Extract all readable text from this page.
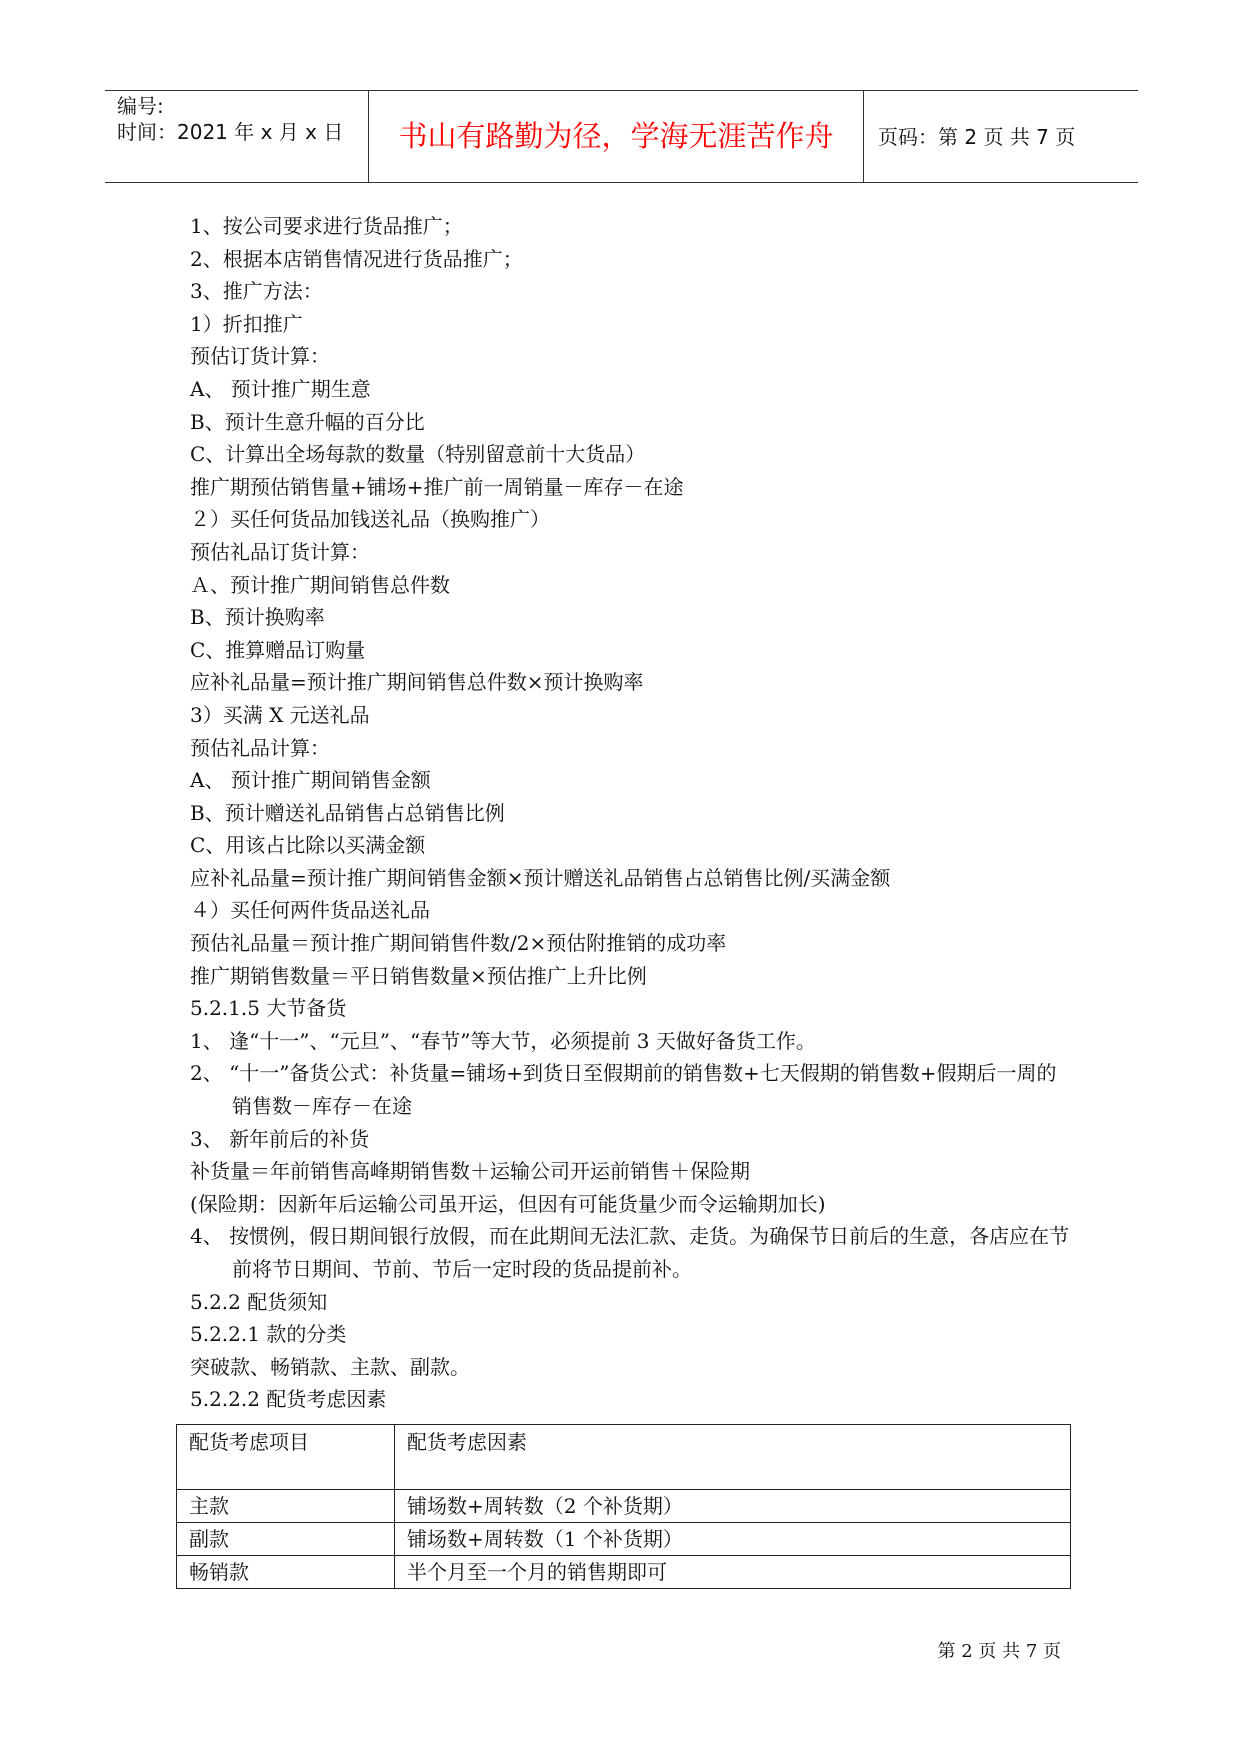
编号:
时间：2021 年 x 月 x 日	书山有路勤为径，学海无涯苦作舟	页码：第 2 页 共 7 页
1、按公司要求进行货品推广；
2、根据本店销售情况进行货品推广；
3、推广方法：
1）折扣推广
预估订货计算：
A、 预计推广期生意
B、预计生意升幅的百分比
C、计算出全场每款的数量（特别留意前十大货品）
推广期预估销售量+铺场+推广前一周销量－库存－在途
２）买任何货品加钱送礼品（换购推广）
预估礼品订货计算：
Ａ、预计推广期间销售总件数
B、预计换购率
C、推算赠品订购量
应补礼品量=预计推广期间销售总件数×预计换购率
3）买满 X 元送礼品
预估礼品计算：
A、 预计推广期间销售金额
B、预计赠送礼品销售占总销售比例
C、用该占比除以买满金额
应补礼品量=预计推广期间销售金额×预计赠送礼品销售占总销售比例/买满金额
４）买任何两件货品送礼品
预估礼品量＝预计推广期间销售件数/2×预估附推销的成功率
推广期销售数量＝平日销售数量×预估推广上升比例
5.2.1.5 大节备货
1、 逢“十一”、“元旦”、“春节”等大节，必须提前 3 天做好备货工作。
2、 “十一”备货公式：补货量=铺场+到货日至假期前的销售数+七天假期的销售数+假期后一周的销售数－库存－在途
3、 新年前后的补货
补货量＝年前销售高峰期销售数＋运输公司开运前销售＋保险期
(保险期：因新年后运输公司虽开运，但因有可能货量少而令运输期加长)
4、 按惯例，假日期间银行放假，而在此期间无法汇款、走货。为确保节日前后的生意，各店应在节前将节日期间、节前、节后一定时段的货品提前补。
5.2.2 配货须知
5.2.2.1 款的分类
突破款、畅销款、主款、副款。
5.2.2.2 配货考虑因素
配货考虑项目	配货考虑因素
主款	铺场数+周转数（2 个补货期）
副款	铺场数+周转数（1 个补货期）
畅销款	半个月至一个月的销售期即可
第 2 页 共 7 页
